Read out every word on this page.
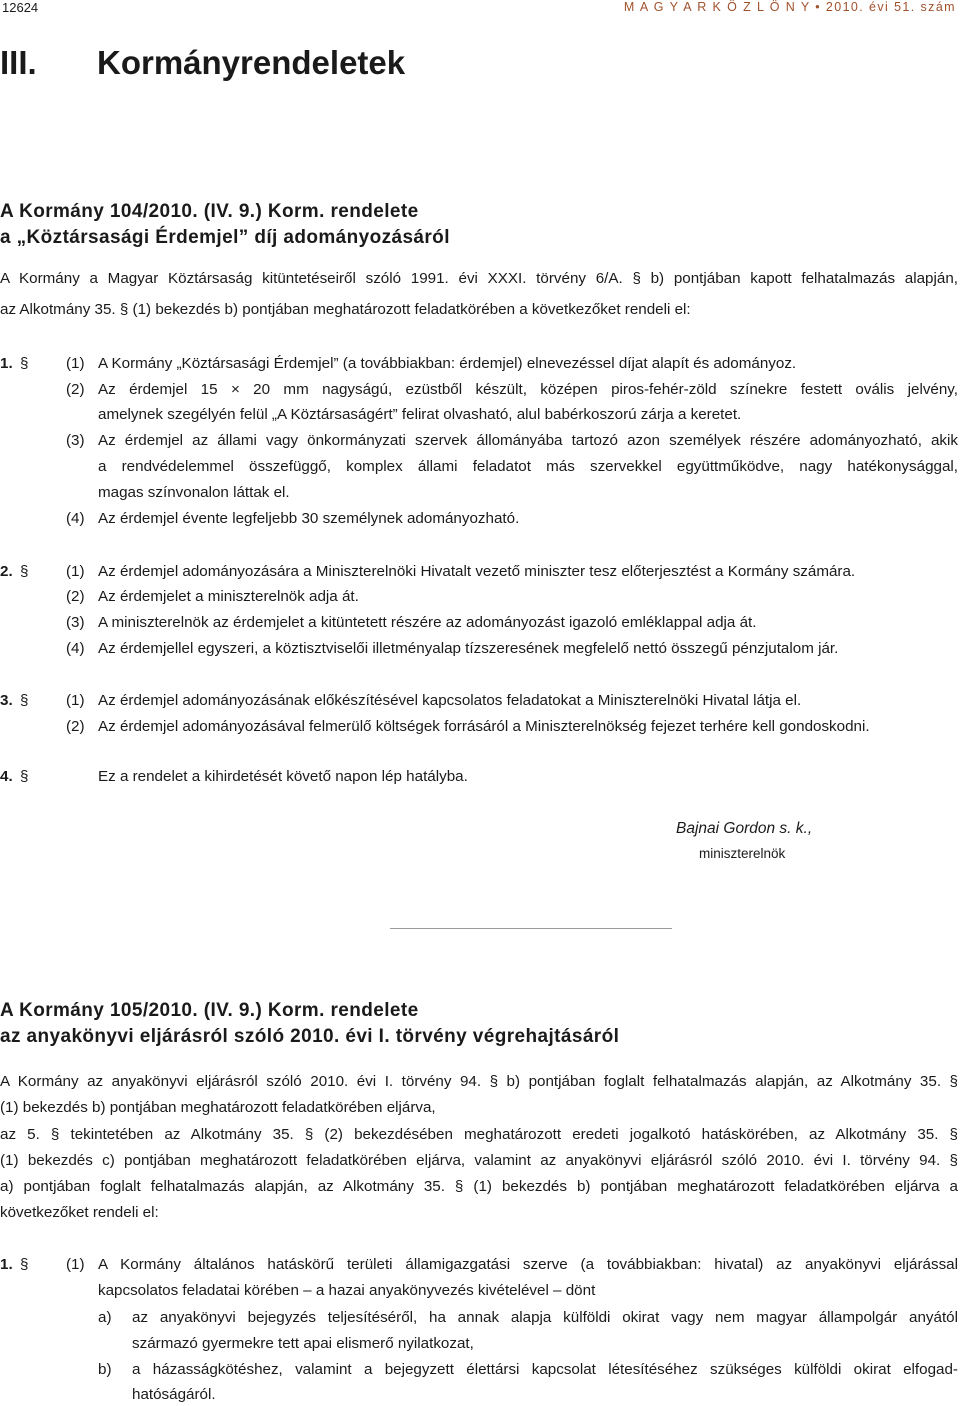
12624	M A G Y A R K Ö Z L Ö N Y • 2010. évi 51. szám
III. Kormányrendeletek
A Kormány 104/2010. (IV. 9.) Korm. rendelete
a „Köztársasági Érdemjel” díj adományozásáról
A Kormány a Magyar Köztársaság kitüntetéseiről szóló 1991. évi XXXI. törvény 6/A. § b) pontjában kapott felhatalmazás alapján,
az Alkotmány 35. § (1) bekezdés b) pontjában meghatározott feladatkörében a következőket rendeli el:
1. § (1) A Kormány „Köztársasági Érdemjel” (a továbbiakban: érdemjel) elnevezéssel díjat alapít és adományoz.
(2) Az érdemjel 15 × 20 mm nagyságú, ezüstből készült, középen piros-fehér-zöld színekre festett ovális jelvény,
amelynek szegélyén felül „A Köztársaságért” felirat olvasható, alul babérkoszorú zárja a keretet.
(3) Az érdemjel az állami vagy önkormányzati szervek állományába tartozó azon személyek részére adományozható, akik
a rendvédelemmel összefüggő, komplex állami feladatot más szervekkel együttműködve, nagy hatékonysággal,
magas színvonalon láttak el.
(4) Az érdemjel évente legfeljebb 30 személynek adományozható.
2. § (1) Az érdemjel adományozására a Miniszterelnöki Hivatalt vezető miniszter tesz előterjesztést a Kormány számára.
(2) Az érdemjelet a miniszterelnök adja át.
(3) A miniszterelnök az érdemjelet a kitüntetett részére az adományozást igazoló emléklappal adja át.
(4) Az érdemjellel egyszeri, a köztisztviselői illetményalap tízszeresének megfelelő nettó összegű pénzjutalom jár.
3. § (1) Az érdemjel adományozásának előkészítésével kapcsolatos feladatokat a Miniszterelnöki Hivatal látja el.
(2) Az érdemjel adományozásával felmerülő költségek forrásáról a Miniszterelnökség fejezet terhére kell gondoskodni.
4. §	Ez a rendelet a kihirdetését követő napon lép hatályba.
Bajnai Gordon s. k.,
miniszterelnök
A Kormány 105/2010. (IV. 9.) Korm. rendelete
az anyakönyvi eljárásról szóló 2010. évi I. törvény végrehajtásáról
A Kormány az anyakönyvi eljárásról szóló 2010. évi I. törvény 94. § b) pontjában foglalt felhatalmazás alapján, az Alkotmány 35. §
(1) bekezdés b) pontjában meghatározott feladatkörében eljárva,
az 5. § tekintetében az Alkotmány 35. § (2) bekezdésében meghatározott eredeti jogalkotó hatáskörében, az Alkotmány 35. §
(1) bekezdés c) pontjában meghatározott feladatkörében eljárva, valamint az anyakönyvi eljárásról szóló 2010. évi I. törvény 94. §
a) pontjában foglalt felhatalmazás alapján, az Alkotmány 35. § (1) bekezdés b) pontjában meghatározott feladatkörében eljárva a
következőket rendeli el:
1. § (1) A Kormány általános hatáskörű területi államigazgatási szerve (a továbbiakban: hivatal) az anyakönyvi eljárással
kapcsolatos feladatai körében – a hazai anyakönyvezés kivételével – dönt
a) az anyakönyvi bejegyzés teljesítéséről, ha annak alapja külföldi okirat vagy nem magyar állampolgár anyától
származó gyermekre tett apai elismerő nyilatkozat,
b) a házasságkötéshez, valamint a bejegyzett élettársi kapcsolat létesítéséhez szükséges külföldi okirat elfogad-
hatóságáról.
